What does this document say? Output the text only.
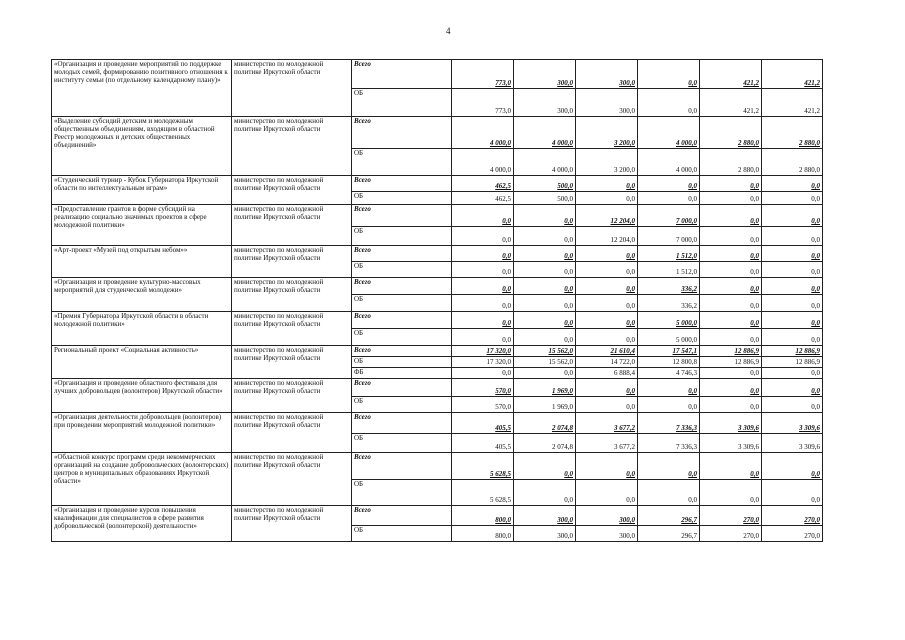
4
«Организация и проведение мероприятий по поддержке молодых семей, формированию позитивного отношения к институту семьи (по отдельному календарному плану)»	министерство по молодежной политике Иркутской области	Всего	773,0	300,0	300,0	0,0	421,2	421,2
		ОБ	773,0	300,0	300,0	0,0	421,2	421,2
«Выделение субсидий детским и молодежным общественным объединениям, входящим в областной Реестр молодежных и детских общественных объединений»	министерство по молодежной политике Иркутской области	Всего	4 000,0	4 000,0	3 200,0	4 000,0	2 880,0	2 880,0
		ОБ	4 000,0	4 000,0	3 200,0	4 000,0	2 880,0	2 880,0
«Студенческий турнир - Кубок Губернатора Иркутской области по интеллектуальным играм»	министерство по молодежной политике Иркутской области	Всего	462,5	500,0	0,0	0,0	0,0	0,0
		ОБ	462,5	500,0	0,0	0,0	0,0	0,0
«Предоставление грантов в форме субсидий на реализацию социально значимых проектов в сфере молодежной политики»	министерство по молодежной политике Иркутской области	Всего	0,0	0,0	12 204,0	7 000,0	0,0	0,0
		ОБ	0,0	0,0	12 204,0	7 000,0	0,0	0,0
«Арт-проект «Музей под открытым небом»»	министерство по молодежной политике Иркутской области	Всего	0,0	0,0	0,0	1 512,0	0,0	0,0
		ОБ	0,0	0,0	0,0	1 512,0	0,0	0,0
«Организация и проведение культурно-массовых мероприятий для студенческой молодежи»	министерство по молодежной политике Иркутской области	Всего	0,0	0,0	0,0	336,2	0,0	0,0
		ОБ	0,0	0,0	0,0	336,2	0,0	0,0
«Премия Губернатора Иркутской области в области молодежной политики»	министерство по молодежной политике Иркутской области	Всего	0,0	0,0	0,0	5 000,0	0,0	0,0
		ОБ	0,0	0,0	0,0	5 000,0	0,0	0,0
Региональный проект «Социальная активность»	министерство по молодежной политике Иркутской области	Всего	17 320,0	15 562,0	21 610,4	17 547,1	12 886,9	12 886,9
		ОБ	17 320,0	15 562,0	14 722,0	12 800,8	12 886,9	12 886,9
		ФБ	0,0	0,0	6 888,4	4 746,3	0,0	0,0
«Организация и проведение областного фестиваля для лучших добровольцев (волонтеров) Иркутской области»	министерство по молодежной политике Иркутской области	Всего	570,0	1 969,0	0,0	0,0	0,0	0,0
		ОБ	570,0	1 969,0	0,0	0,0	0,0	0,0
«Организация деятельности добровольцев (волонтеров) при проведении мероприятий молодежной политики»	министерство по молодежной политике Иркутской области	Всего	405,5	2 074,8	3 677,2	7 336,3	3 309,6	3 309,6
		ОБ	405,5	2 074,8	3 677,2	7 336,3	3 309,6	3 309,6
«Областной конкурс программ среди некоммерческих организаций на создание добровольческих (волонтерских) центров в муниципальных образованиях Иркутской области»	министерство по молодежной политике Иркутской области	Всего	5 628,5	0,0	0,0	0,0	0,0	0,0
		ОБ	5 628,5	0,0	0,0	0,0	0,0	0,0
«Организация и проведение курсов повышения квалификации для специалистов в сфере развития добровольческой (волонтерской) деятельности»	министерство по молодежной политике Иркутской области	Всего	800,0	300,0	300,0	296,7	270,0	270,0
		ОБ	800,0	300,0	300,0	296,7	270,0	270,0
